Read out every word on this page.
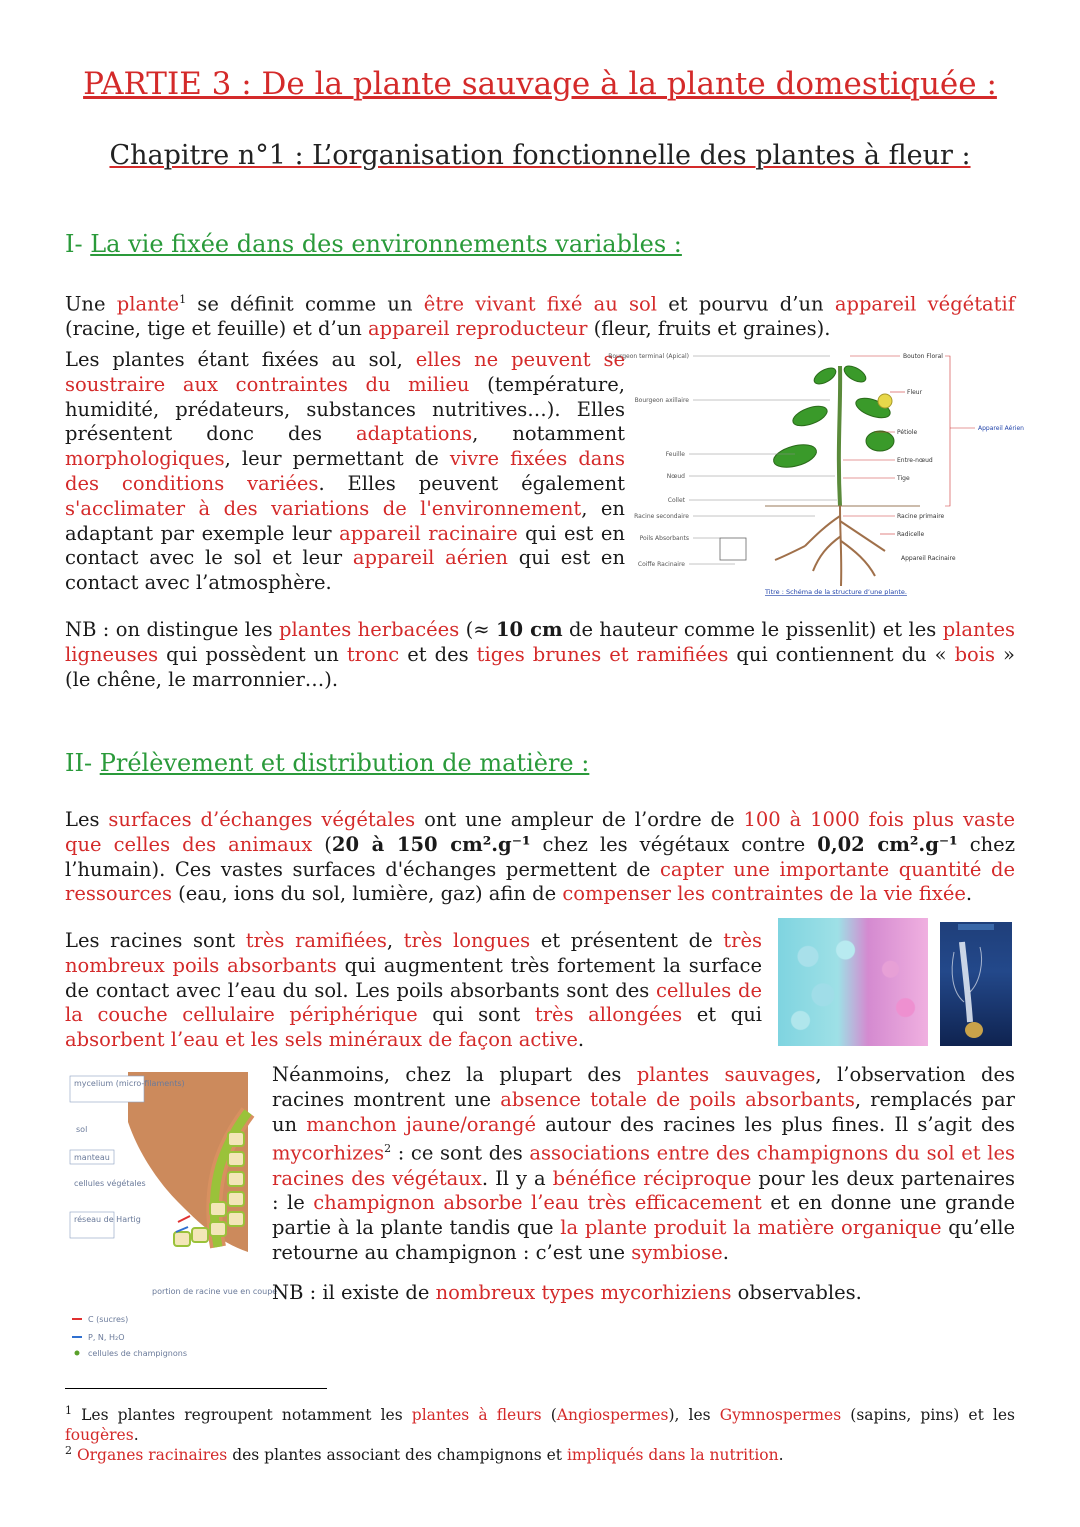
PARTIE 3 : De la plante sauvage à la plante domestiquée :
Chapitre n°1 : L’organisation fonctionnelle des plantes à fleur :
I- La vie fixée dans des environnements variables :
Une plante$^1$ se définit comme un être vivant fixé au sol et pourvu d’un appareil végétatif (racine, tige et feuille) et d’un appareil reproducteur (fleur, fruits et graines).
Les plantes étant fixées au sol, elles ne peuvent se soustraire aux contraintes du milieu (température, humidité, prédateurs, substances nutritives…). Elles présentent donc des adaptations, notamment morphologiques, leur permettant de vivre fixées dans des conditions variées. Elles peuvent également s'acclimater à des variations de l'environnement, en adaptant par exemple leur appareil racinaire qui est en contact avec le sol et leur appareil aérien qui est en contact avec l’atmosphère.
Bourgeon terminal (Apical)
Bourgeon axillaire
Feuille
Nœud
Collet
Racine secondaire
Poils Absorbants
Coiffe Racinaire
Bouton Floral
Fleur
Pétiole
Entre-nœud
Tige
Racine primaire
Radicelle
Appareil Racinaire
Appareil Aérien
Titre : Schéma de la structure d’une plante.
NB : on distingue les plantes herbacées (≈ 10 cm de hauteur comme le pissenlit) et les plantes ligneuses qui possèdent un tronc et des tiges brunes et ramifiées qui contiennent du « bois » (le chêne, le marronnier…).
II- Prélèvement et distribution de matière :
Les surfaces d’échanges végétales ont une ampleur de l’ordre de 100 à 1000 fois plus vaste que celles des animaux (20 à 150 cm².g⁻¹ chez les végétaux contre 0,02 cm².g⁻¹ chez l’humain). Ces vastes surfaces d'échanges permettent de capter une importante quantité de ressources (eau, ions du sol, lumière, gaz) afin de compenser les contraintes de la vie fixée.
Les racines sont très ramifiées, très longues et présentent de très nombreux poils absorbants qui augmentent très fortement la surface de contact avec l’eau du sol. Les poils absorbants sont des cellules de la couche cellulaire périphérique qui sont très allongées et qui absorbent l’eau et les sels minéraux de façon active.
mycelium (micro-filaments)
sol
manteau
cellules végétales
réseau de Hartig
portion de racine vue en coupe
C (sucres)
P, N, H₂O
cellules de champignons
Néanmoins, chez la plupart des plantes sauvages, l’observation des racines montrent une absence totale de poils absorbants, remplacés par un manchon jaune/orangé autour des racines les plus fines. Il s’agit des mycorhizes$^2$ : ce sont des associations entre des champignons du sol et les racines des végétaux. Il y a bénéfice réciproque pour les deux partenaires : le champignon absorbe l’eau très efficacement et en donne une grande partie à la plante tandis que la plante produit la matière organique qu’elle retourne au champignon : c’est une symbiose.
NB : il existe de nombreux types mycorhiziens observables.
$^1$ Les plantes regroupent notamment les plantes à fleurs (Angiospermes), les Gymnospermes (sapins, pins) et les fougères.
$^2$ Organes racinaires des plantes associant des champignons et impliqués dans la nutrition.
